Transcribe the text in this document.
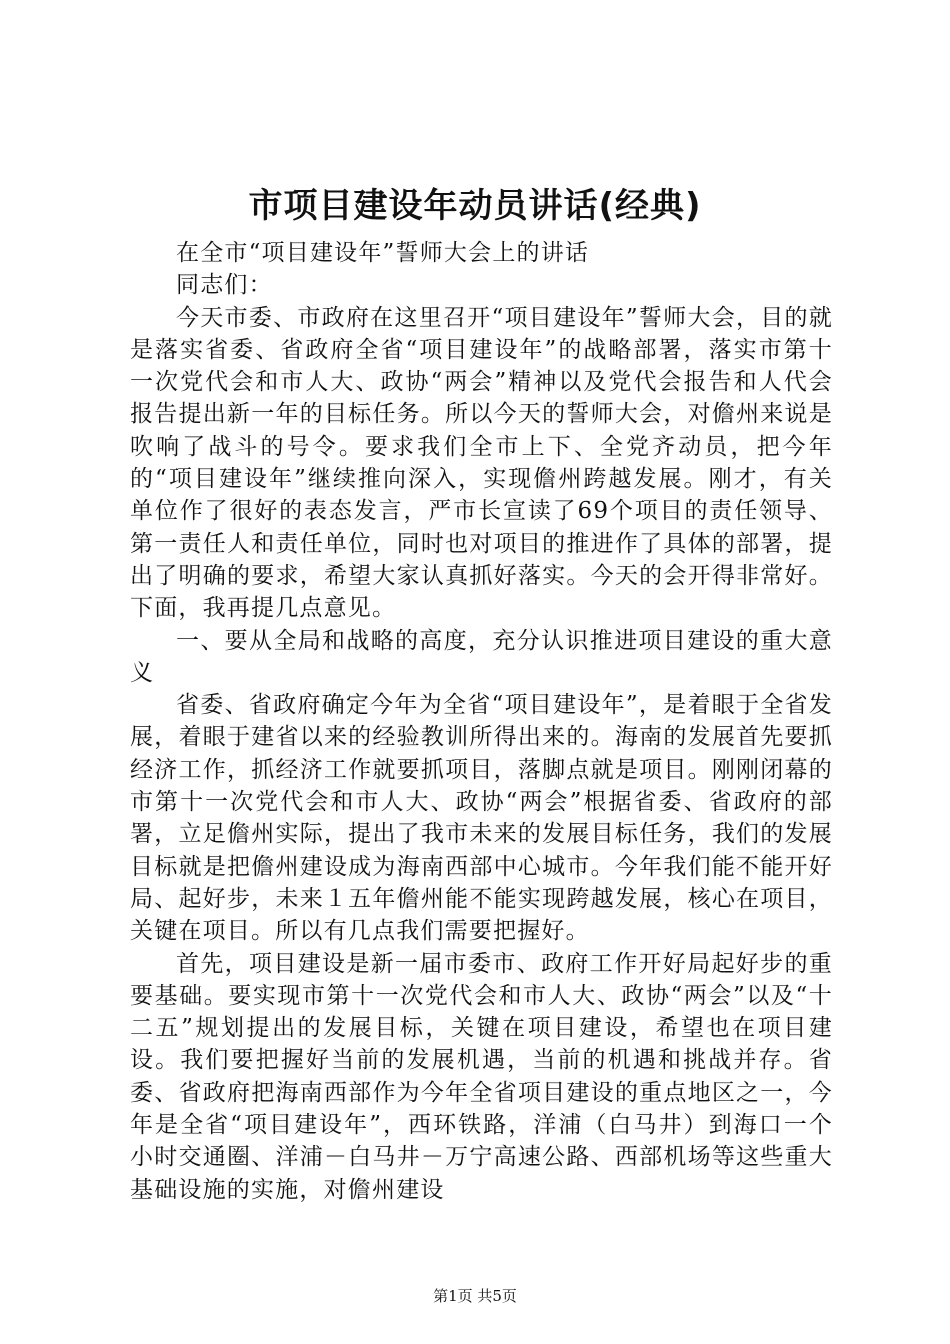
市项目建设年动员讲话(经典)

在全市“项目建设年”誓师大会上的讲话

同志们：

今天市委、市政府在这里召开“项目建设年”誓师大会，目的就是落实省委、省政府全省“项目建设年”的战略部署，落实市第十一次党代会和市人大、政协“两会”精神以及党代会报告和人代会报告提出新一年的目标任务。所以今天的誓师大会，对儋州来说是吹响了战斗的号令。要求我们全市上下、全党齐动员，把今年的“项目建设年”继续推向深入，实现儋州跨越发展。刚才，有关单位作了很好的表态发言，严市长宣读了69个项目的责任领导、第一责任人和责任单位，同时也对项目的推进作了具体的部署，提出了明确的要求，希望大家认真抓好落实。今天的会开得非常好。下面，我再提几点意见。

一、要从全局和战略的高度，充分认识推进项目建设的重大意义

省委、省政府确定今年为全省“项目建设年”，是着眼于全省发展，着眼于建省以来的经验教训所得出来的。海南的发展首先要抓经济工作，抓经济工作就要抓项目，落脚点就是项目。刚刚闭幕的市第十一次党代会和市人大、政协“两会”根据省委、省政府的部署，立足儋州实际，提出了我市未来的发展目标任务，我们的发展目标就是把儋州建设成为海南西部中心城市。今年我们能不能开好局、起好步，未来１五年儋州能不能实现跨越发展，核心在项目，关键在项目。所以有几点我们需要把握好。

首先，项目建设是新一届市委市、政府工作开好局起好步的重要基础。要实现市第十一次党代会和市人大、政协“两会”以及“十二五”规划提出的发展目标，关键在项目建设，希望也在项目建设。我们要把握好当前的发展机遇，当前的机遇和挑战并存。省委、省政府把海南西部作为今年全省项目建设的重点地区之一，今年是全省“项目建设年”，西环铁路，洋浦（白马井）到海口一个小时交通圈、洋浦－白马井－万宁高速公路、西部机场等这些重大基础设施的实施，对儋州建设

第1页 共5页
